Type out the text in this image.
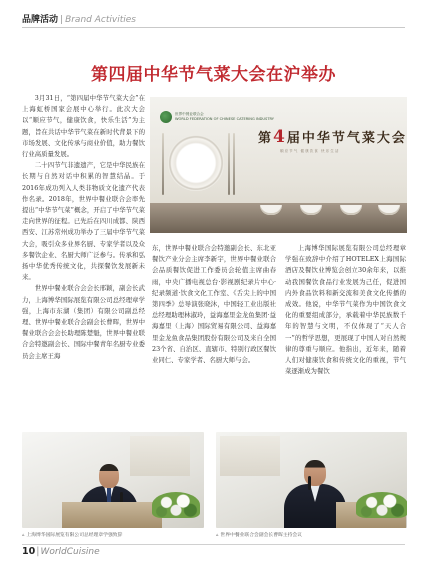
品牌活动 | Brand Activities
第四届中华节气菜大会在沪举办

3月31日，“第四届中华节气菜大会”在上海虹桥国家会展中心举行。此次大会以“顺应节气，健康饮食，快乐生活”为主题，旨在共话中华节气菜在新时代背景下的市场发展、文化传承与商业价值，助力餐饮行业高质量发展。

二十四节气非遗遗产，它是中华民族在长期与自然对话中积累的智慧结晶。于2016年成功列入人类非物质文化遗产代表作名录。2018年，世界中餐业联合会率先提出“中华节气菜”概念，开启了中华节气菜走向世界的征程。已先后在四川成都、陕西西安、江苏常州成功举办了三届中华节气菜大会，吸引众多业界名厨、专家学者以及众多餐饮企业、名厨大师广泛参与。传承和弘扬中华优秀传统文化，共探餐饮发展新未来。

世界中餐业联合会会长邢颖，副会长武力，上海博华国际展览有限公司总经理章学强，上海市东湖（集团）有限公司副总经理、世界中餐业联合会副会长曹晖，世界中餐业联合会会长助理陈楚魁，世界中餐业联合会特邀副会长、国际中餐青年名厨专业委员会主席王海

世界中餐业联合会
WORLD FEDERATION OF CHINESE CATERING INDUSTRY
第4届中华节气菜大会
顺应节气 健康饮食 快乐生活

东，世界中餐业联合会特邀副会长、东北亚餐饮产业分会主席李新宇，世界中餐业联合会品质餐饮促进工作委员会轮值主席曲春雨，中央广播电视总台·影视剧纪录片中心·纪录频道·饮食文化工作室、《舌尖上的中国第四季》总导演张晓沐，中国轻工业出版社总经理助理林淑玲，益海嘉里金龙鱼集团·益海嘉里（上海）国际贸易有限公司、益海嘉里金龙鱼食品集团股份有限公司及来自全国23个省、自治区、直辖市、特别行政区餐饮业同仁、专家学者、名厨大师与会。

上海博华国际展览有限公司总经理章学强在致辞中介绍了HOTELEX上海国际酒店及餐饮业博览会创立30余年来，以推动我国餐饮食品行业发展为己任，促进国内外食品饮料和新交流和美食文化传播的成效。他说，中华节气菜作为中国饮食文化的重要组成部分，承载着中华民族数千年的智慧与文明，不仅体现了“天人合一”的哲学思想，更展现了中国人对自然规律的尊重与顺应。他指出，近年来，随着人们对健康饮食和传统文化的重视，节气菜逐渐成为餐饮

▵ 上海博华国际展览有限公司总经理章学强致辞	▵ 世界中餐业联合会副会长曹晖主持会议
10|WorldCuisine
